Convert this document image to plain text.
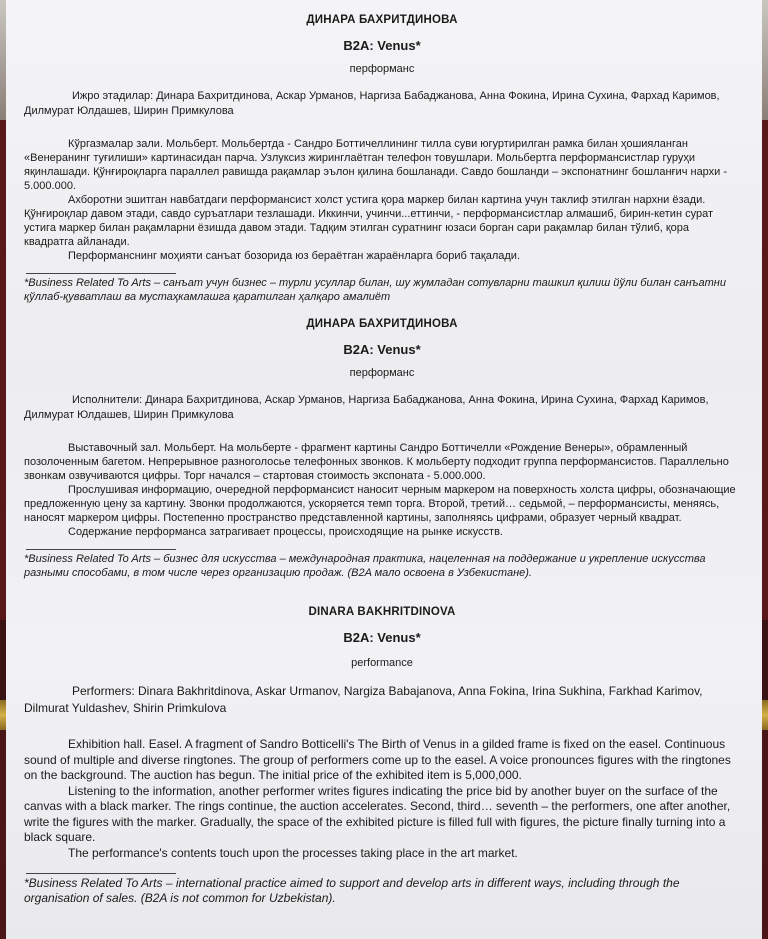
ДИНАРА БАХРИТДИНОВА
B2A: Venus*
перформанс

Ижро этадилар: Динара Бахритдинова, Аскар Урманов, Наргиза Бабаджанова, Анна Фокина, Ирина Сухина, Фархад Каримов, Дилмурат Юлдашев, Ширин Примкулова

Кўргазмалар зали. Мольберт. Мольбертда - Сандро Боттичеллининг тилла суви югуртирилган рамка билан ҳошияланган «Венеранинг туғилиши» картинасидан парча. Узлуксиз жиринглаётган телефон товушлари. Мольбертга перформансистлар гуруҳи яқинлашади. Қўнғироқларга параллел равишда рақамлар эълон қилина бошланади. Савдо бошланди – экспонатнинг бошланғич нархи - 5.000.000.

Ахборотни эшитган навбатдаги перформансист холст устига қора маркер билан картина учун таклиф этилган нархни ёзади. Қўнғироқлар давом этади, савдо суръатлари тезлашади. Иккинчи, учинчи...еттинчи, - перформансистлар алмашиб, бирин-кетин сурат устига маркер билан рақамларни ёзишда давом этади. Тадқим этилган суратнинг юзаси борган сари рақамлар билан тўлиб, қора квадратга айланади.

Перформанснинг моҳияти санъат бозорида юз бераётган жараёнларга бориб тақалади.

*Business Related To Arts – санъат учун бизнес – турли усуллар билан, шу жумладан сотувларни ташкил қилиш йўли билан санъатни қўллаб-қувватлаш ва мустаҳкамлашга қаратилган ҳалқаро амалиёт

ДИНАРА БАХРИТДИНОВА
B2A: Venus*
перформанс

Исполнители: Динара Бахритдинова, Аскар Урманов, Наргиза Бабаджанова, Анна Фокина, Ирина Сухина, Фархад Каримов, Дилмурат Юлдашев, Ширин Примкулова

Выставочный зал. Мольберт. На мольберте - фрагмент картины Сандро Боттичелли «Рождение Венеры», обрамленный позолоченным багетом. Непрерывное разноголосье телефонных звонков. К мольберту подходит группа перформансистов. Параллельно звонкам озвучиваются цифры. Торг начался – стартовая стоимость экспоната - 5.000.000.

Прослушивая информацию, очередной перформансист наносит черным маркером на поверхность холста цифры, обозначающие предложенную цену за картину. Звонки продолжаются, ускоряется темп торга. Второй, третий… седьмой, – перформансисты, меняясь, наносят маркером цифры. Постепенно пространство представленной картины, заполняясь цифрами, образует черный квадрат.

Содержание перформанса затрагивает процессы, происходящие на рынке искусств.

*Business Related To Arts – бизнес для искусства – международная практика, нацеленная на поддержание и укрепление искусства разными способами, в том числе через организацию продаж. (B2A мало освоена в Узбекистане).

DINARA BAKHRITDINOVA
B2A: Venus*
performance

Performers: Dinara Bakhritdinova, Askar Urmanov, Nargiza Babajanova, Anna Fokina, Irina Sukhina, Farkhad Karimov, Dilmurat Yuldashev, Shirin Primkulova

Exhibition hall. Easel. A fragment of Sandro Botticelli's The Birth of Venus in a gilded frame is fixed on the easel. Continuous sound of multiple and diverse ringtones. The group of performers come up to the easel. A voice pronounces figures with the ringtones on the background. The auction has begun. The initial price of the exhibited item is 5,000,000.

Listening to the information, another performer writes figures indicating the price bid by another buyer on the surface of the canvas with a black marker. The rings continue, the auction accelerates. Second, third… seventh – the performers, one after another, write the figures with the marker. Gradually, the space of the exhibited picture is filled full with figures, the picture finally turning into a black square.

The performance's contents touch upon the processes taking place in the art market.

*Business Related To Arts – international practice aimed to support and develop arts in different ways, including through the organisation of sales. (B2A is not common for Uzbekistan).
